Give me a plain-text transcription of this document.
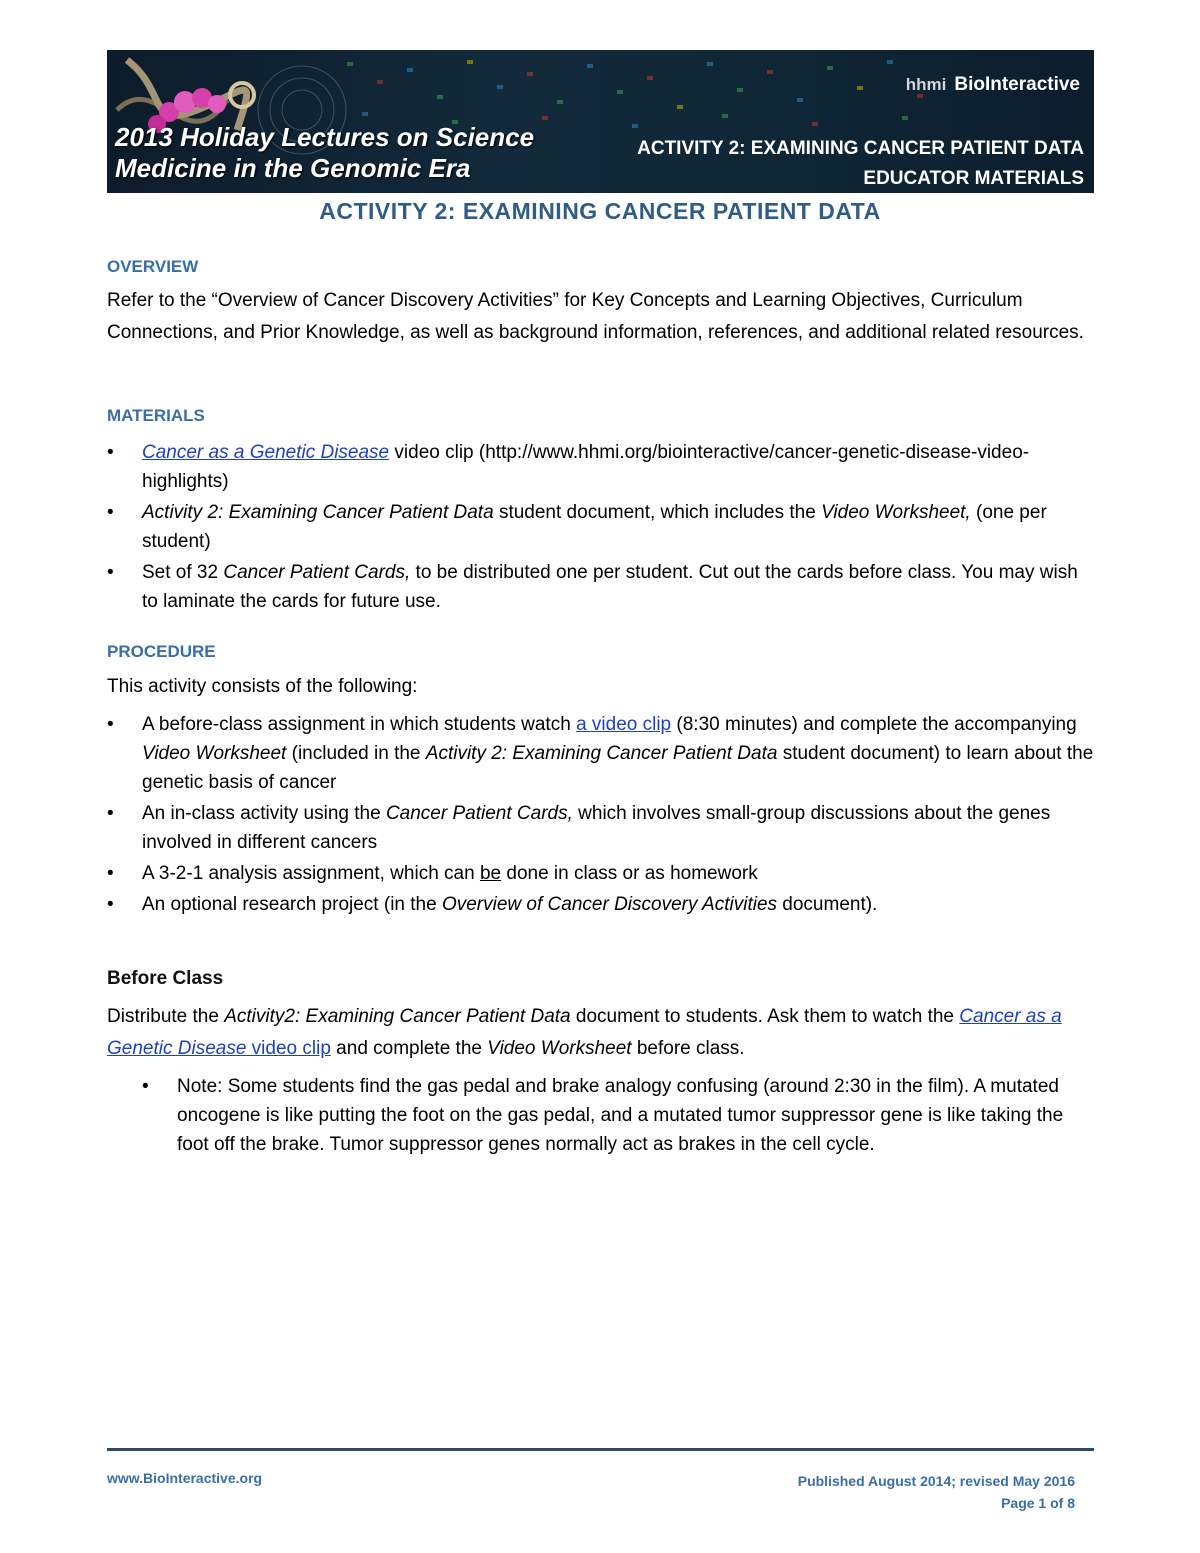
2013 Holiday Lectures on Science
Medicine in the Genomic Era
hhmi BioInteractive
ACTIVITY 2: EXAMINING CANCER PATIENT DATA
EDUCATOR MATERIALS
ACTIVITY 2: EXAMINING CANCER PATIENT DATA
OVERVIEW
Refer to the “Overview of Cancer Discovery Activities” for Key Concepts and Learning Objectives, Curriculum Connections, and Prior Knowledge, as well as background information, references, and additional related resources.
MATERIALS
• Cancer as a Genetic Disease video clip (http://www.hhmi.org/biointeractive/cancer-genetic-disease-video-highlights)
• Activity 2: Examining Cancer Patient Data student document, which includes the Video Worksheet, (one per student)
• Set of 32 Cancer Patient Cards, to be distributed one per student. Cut out the cards before class. You may wish to laminate the cards for future use.
PROCEDURE
This activity consists of the following:
• A before-class assignment in which students watch a video clip (8:30 minutes) and complete the accompanying Video Worksheet (included in the Activity 2: Examining Cancer Patient Data student document) to learn about the genetic basis of cancer
• An in-class activity using the Cancer Patient Cards, which involves small-group discussions about the genes involved in different cancers
• A 3-2-1 analysis assignment, which can be done in class or as homework
• An optional research project (in the Overview of Cancer Discovery Activities document).
Before Class
Distribute the Activity2: Examining Cancer Patient Data document to students. Ask them to watch the Cancer as a Genetic Disease video clip and complete the Video Worksheet before class.
• Note: Some students find the gas pedal and brake analogy confusing (around 2:30 in the film). A mutated oncogene is like putting the foot on the gas pedal, and a mutated tumor suppressor gene is like taking the foot off the brake. Tumor suppressor genes normally act as brakes in the cell cycle.
www.BioInteractive.org	Published August 2014; revised May 2016
Page 1 of 8
